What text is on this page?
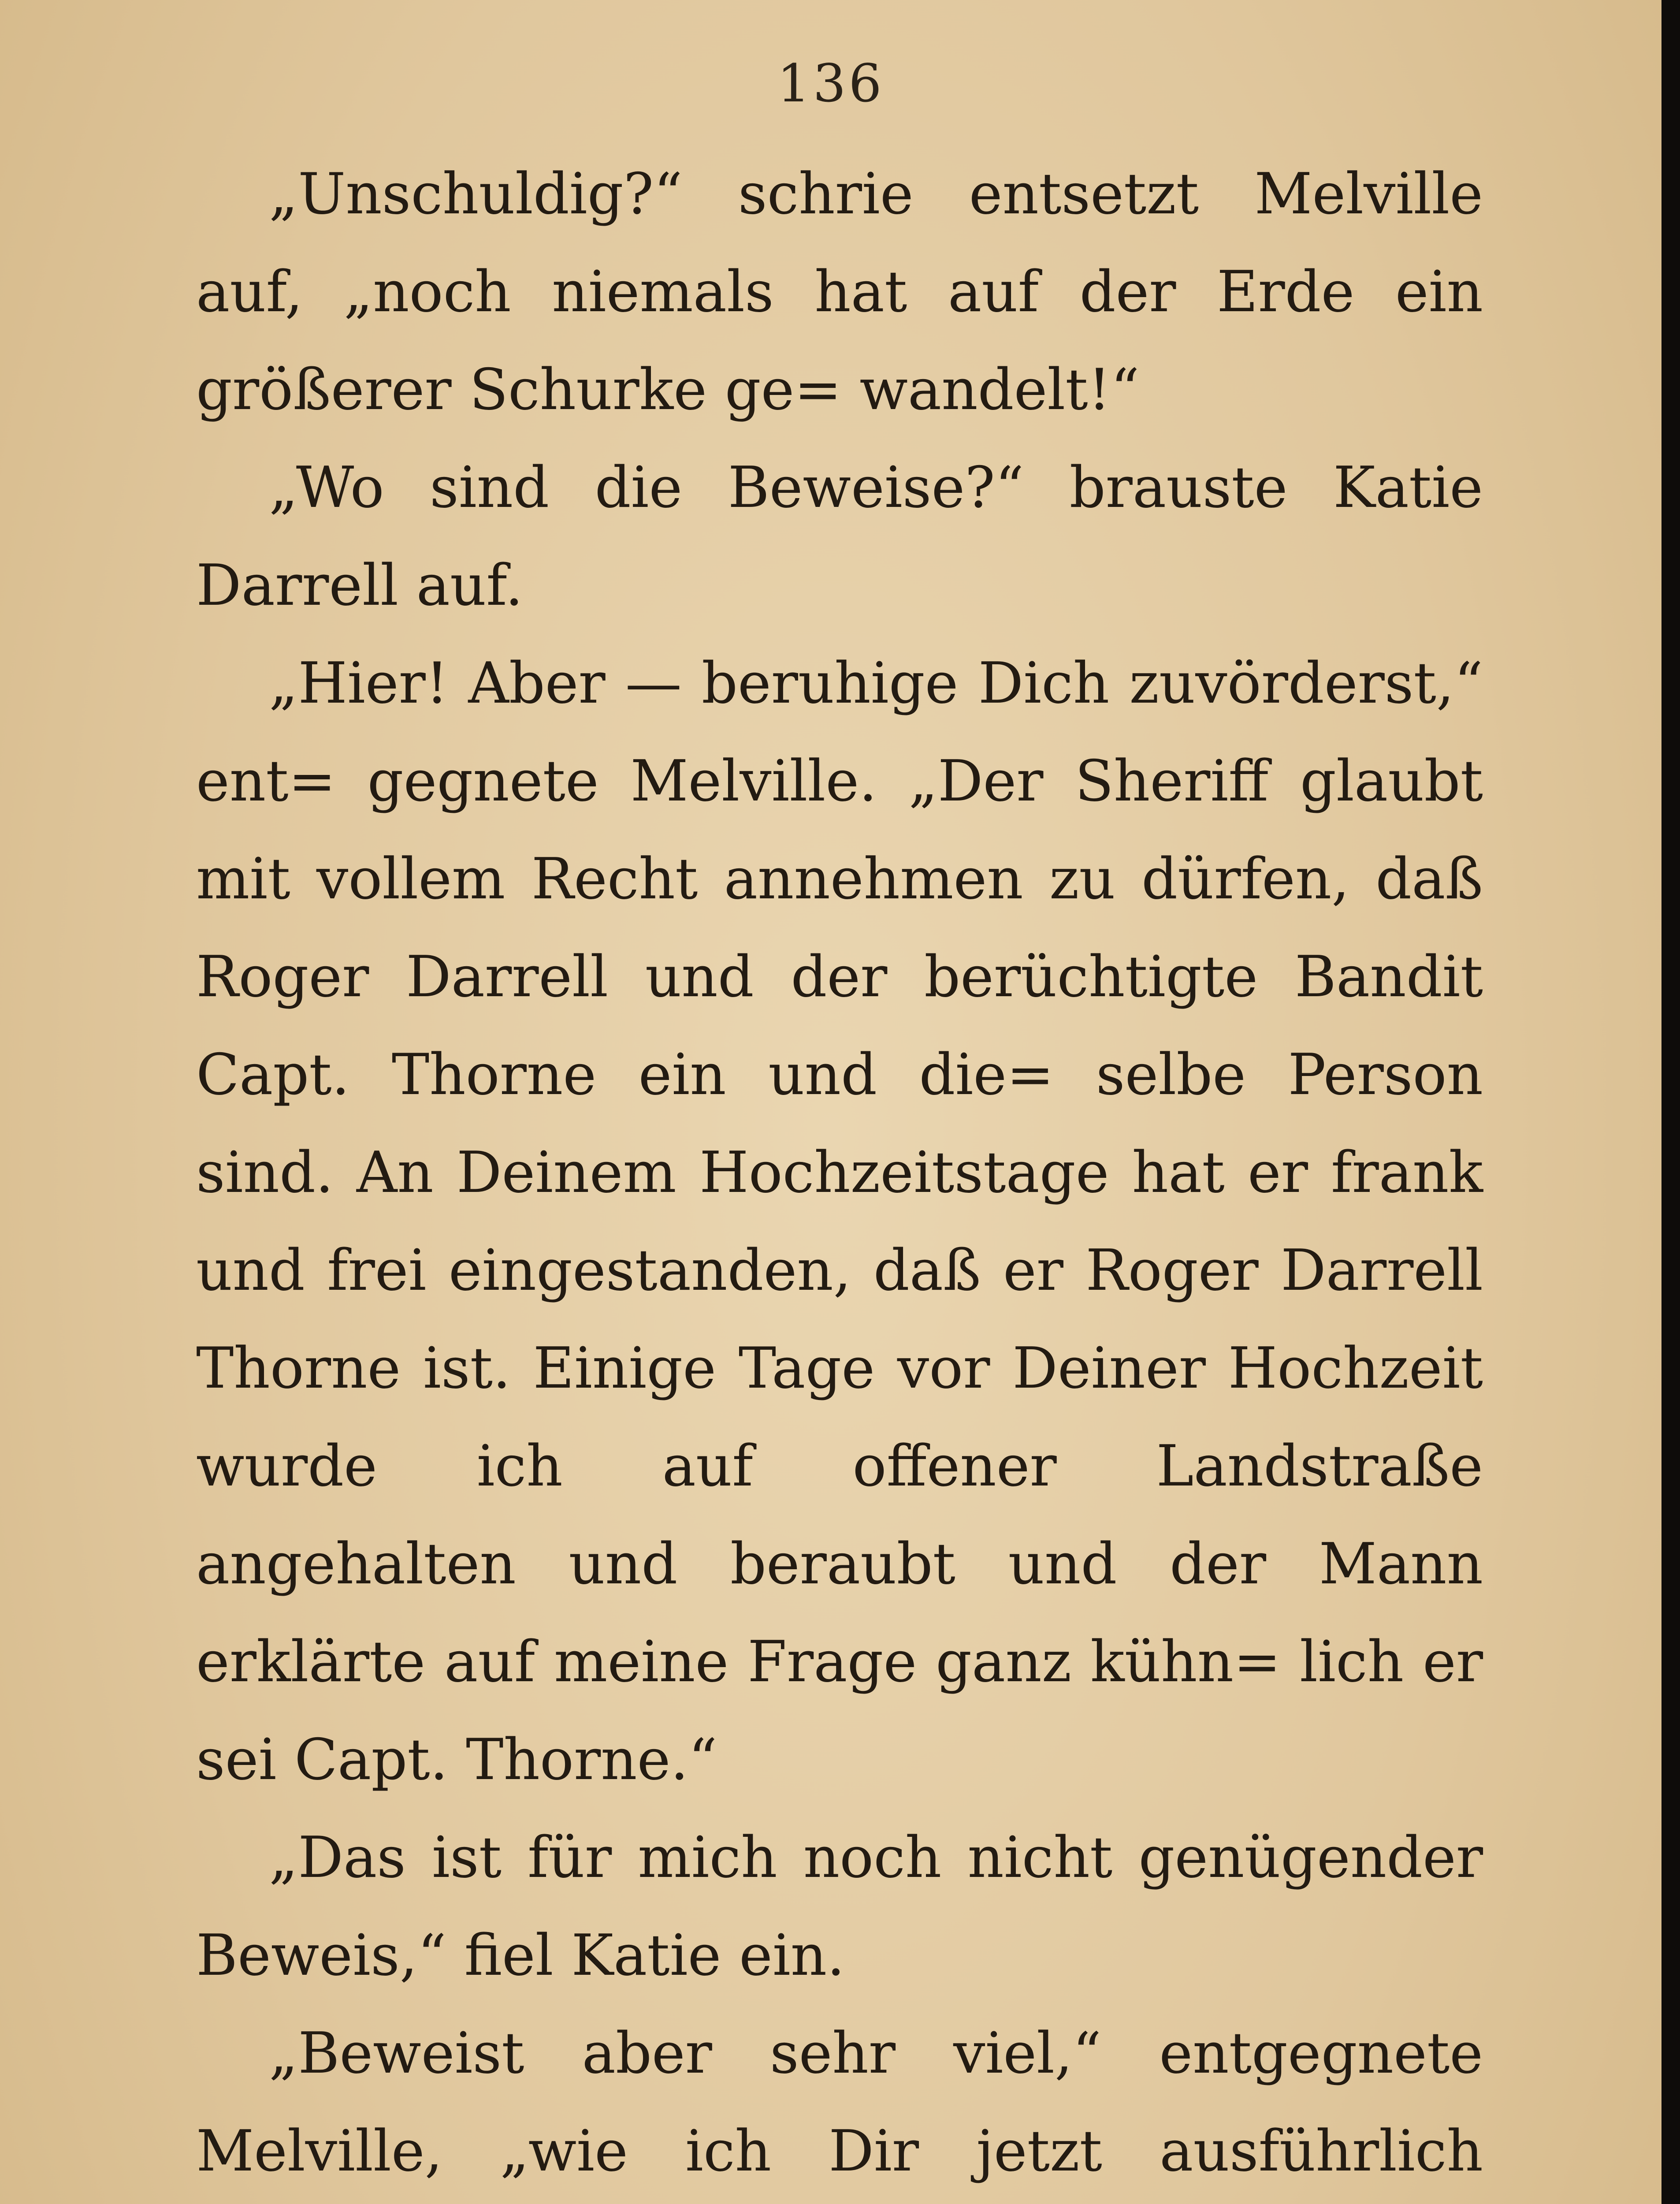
136

„Unschuldig?“ schrie entsetzt Melville auf, „noch niemals hat auf der Erde ein größerer Schurke ge= wandelt!“

„Wo sind die Beweise?“ brauste Katie Darrell auf.

„Hier! Aber — beruhige Dich zuvörderst,“ ent= gegnete Melville. „Der Sheriff glaubt mit vollem Recht annehmen zu dürfen, daß Roger Darrell und der berüchtigte Bandit Capt. Thorne ein und die= selbe Person sind. An Deinem Hochzeitstage hat er frank und frei eingestanden, daß er Roger Darrell Thorne ist. Einige Tage vor Deiner Hochzeit wurde ich auf offener Landstraße angehalten und beraubt und der Mann erklärte auf meine Frage ganz kühn= lich er sei Capt. Thorne.“

„Das ist für mich noch nicht genügender Beweis,“ fiel Katie ein.

„Beweist aber sehr viel,“ entgegnete Melville, „wie ich Dir jetzt ausführlich
